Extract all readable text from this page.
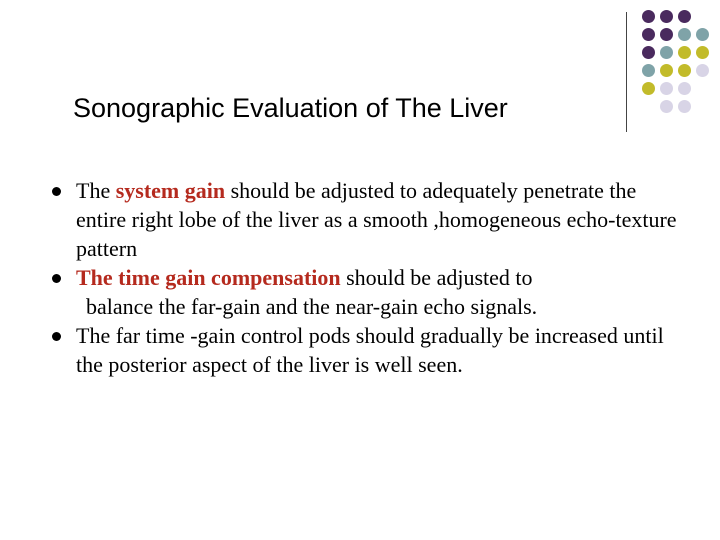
Sonographic Evaluation of The Liver
The system gain should be adjusted to adequately penetrate the entire right lobe of the liver as a smooth ,homogeneous echo-texture pattern
The time gain compensation should be adjusted to
balance the far-gain and the near-gain echo signals.
The far time -gain control pods should gradually be increased until the posterior aspect of the liver is well seen.
